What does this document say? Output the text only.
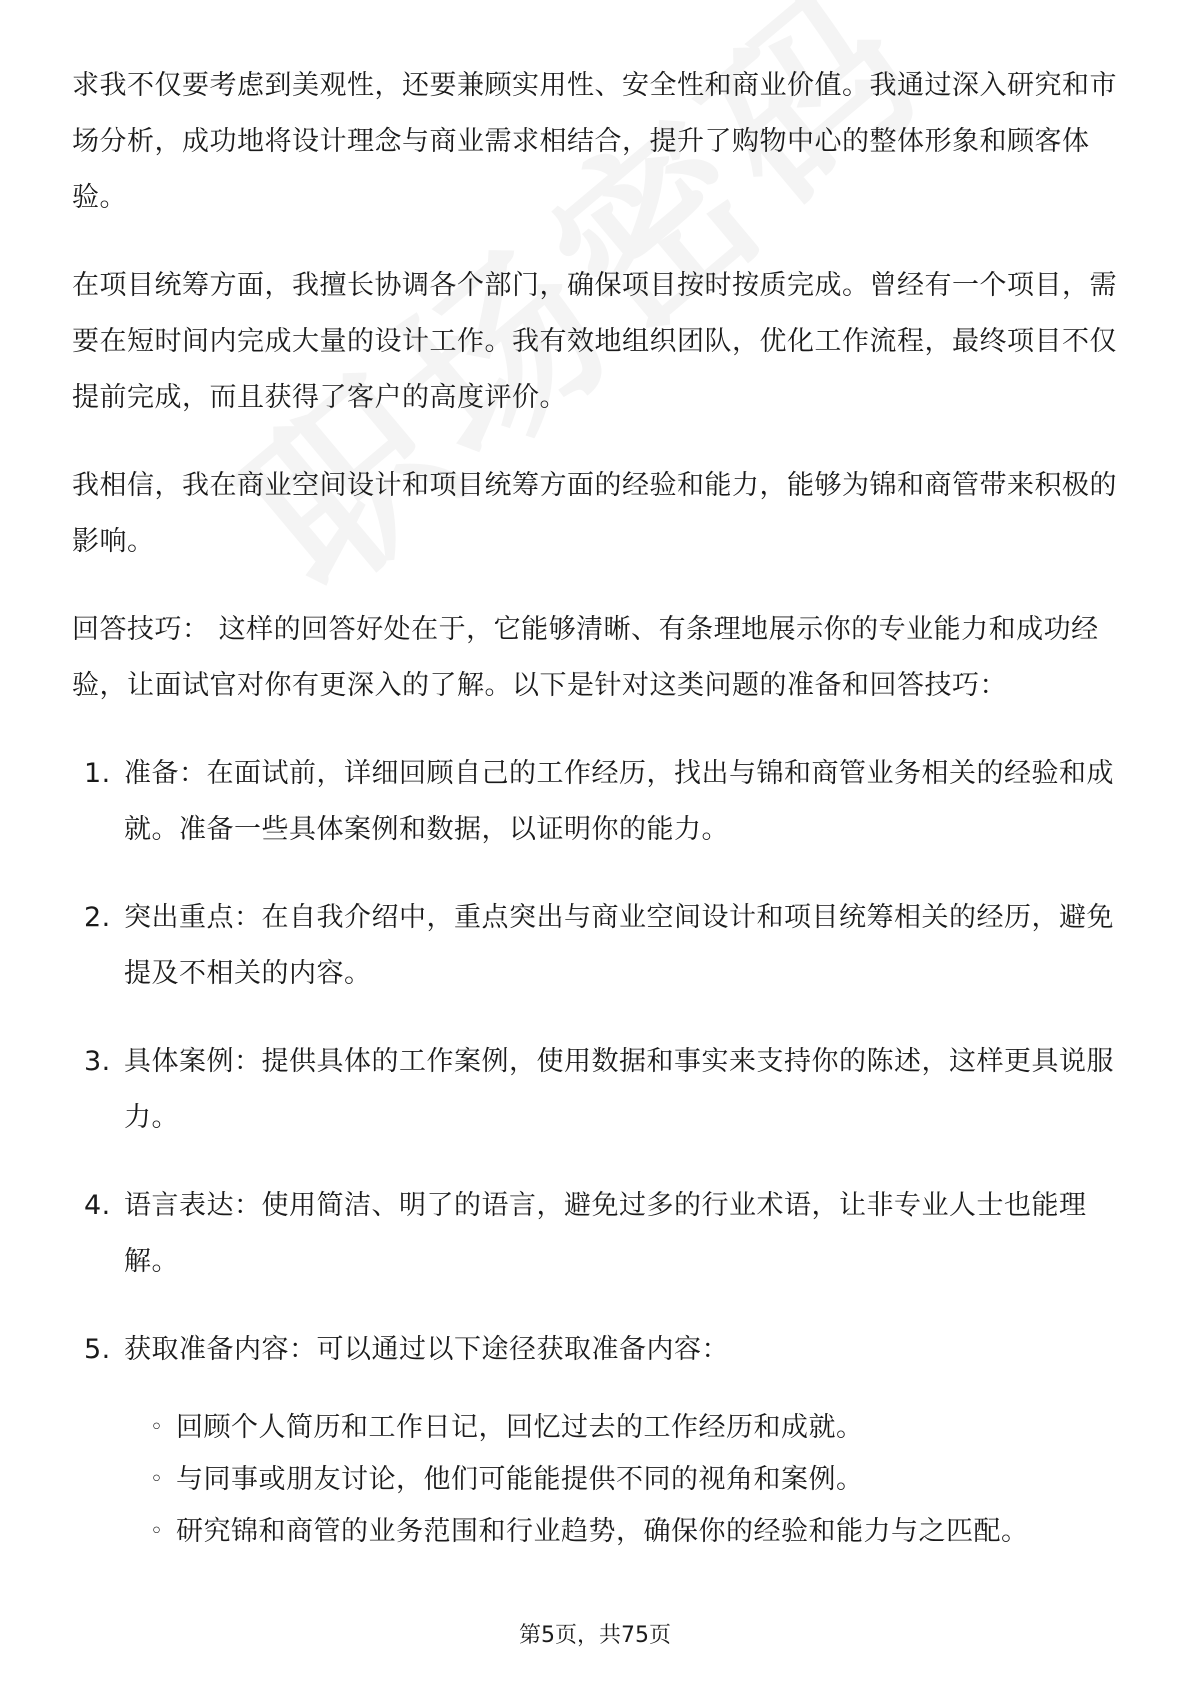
求我不仅要考虑到美观性，还要兼顾实用性、安全性和商业价值。我通过深入研究和市场分析，成功地将设计理念与商业需求相结合，提升了购物中心的整体形象和顾客体验。

在项目统筹方面，我擅长协调各个部门，确保项目按时按质完成。曾经有一个项目，需要在短时间内完成大量的设计工作。我有效地组织团队，优化工作流程，最终项目不仅提前完成，而且获得了客户的高度评价。

我相信，我在商业空间设计和项目统筹方面的经验和能力，能够为锦和商管带来积极的影响。

回答技巧： 这样的回答好处在于，它能够清晰、有条理地展示你的专业能力和成功经验，让面试官对你有更深入的了解。以下是针对这类问题的准备和回答技巧：

1. 准备：在面试前，详细回顾自己的工作经历，找出与锦和商管业务相关的经验和成就。准备一些具体案例和数据，以证明你的能力。
2. 突出重点：在自我介绍中，重点突出与商业空间设计和项目统筹相关的经历，避免提及不相关的内容。
3. 具体案例：提供具体的工作案例，使用数据和事实来支持你的陈述，这样更具说服力。
4. 语言表达：使用简洁、明了的语言，避免过多的行业术语，让非专业人士也能理解。
5. 获取准备内容：可以通过以下途径获取准备内容：
◦ 回顾个人简历和工作日记，回忆过去的工作经历和成就。
◦ 与同事或朋友讨论，他们可能能提供不同的视角和案例。
◦ 研究锦和商管的业务范围和行业趋势，确保你的经验和能力与之匹配。
第5页，共75页
